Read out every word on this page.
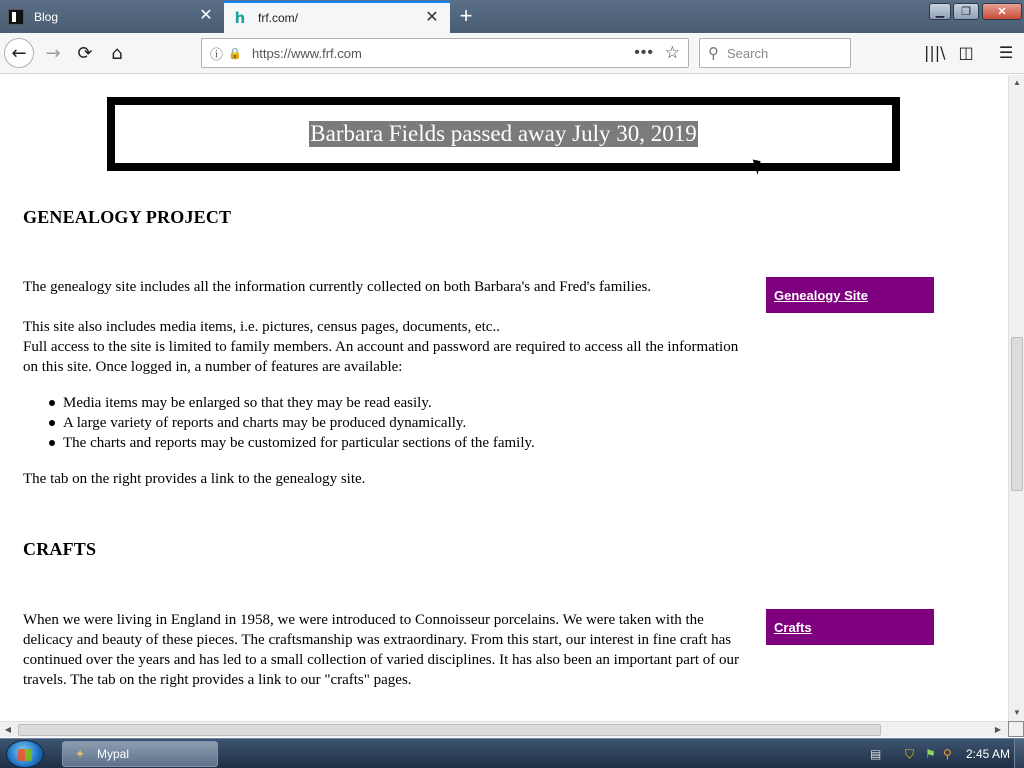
Blog	✕ h frf.com/	✕ +	▁	❐	✕
←	→ ⟳	⌂	ⓘ 🔒 https://www.frf.com	••• ☆ ⚲
Search	|||\ ◫ ☰
Barbara Fields passed away July 30, 2019
GENEALOGY PROJECT
The genealogy site includes all the information currently collected on both Barbara's and Fred's families.
This site also includes media items, i.e. pictures, census pages, documents, etc..
Full access to the site is limited to family members. An account and password are required to access all the information on this site. Once logged in, a number of features are available:
Media items may be enlarged so that they may be read easily.
A large variety of reports and charts may be produced dynamically.
The charts and reports may be customized for particular sections of the family.
The tab on the right provides a link to the genealogy site.
Genealogy Site
CRAFTS
When we were living in England in 1958, we were introduced to Connoisseur porcelains. We were taken with the delicacy and beauty of these pieces. The craftsmanship was extraordinary. From this start, our interest in fine craft has continued over the years and has led to a small collection of varied disciplines. It has also been an important part of our travels. The tab on the right provides a link to our "crafts" pages.
Crafts
▲
▼
◀	▶
✦ Mypal	▤ ⛉ ⚑ ⚲ 2:45 AM
